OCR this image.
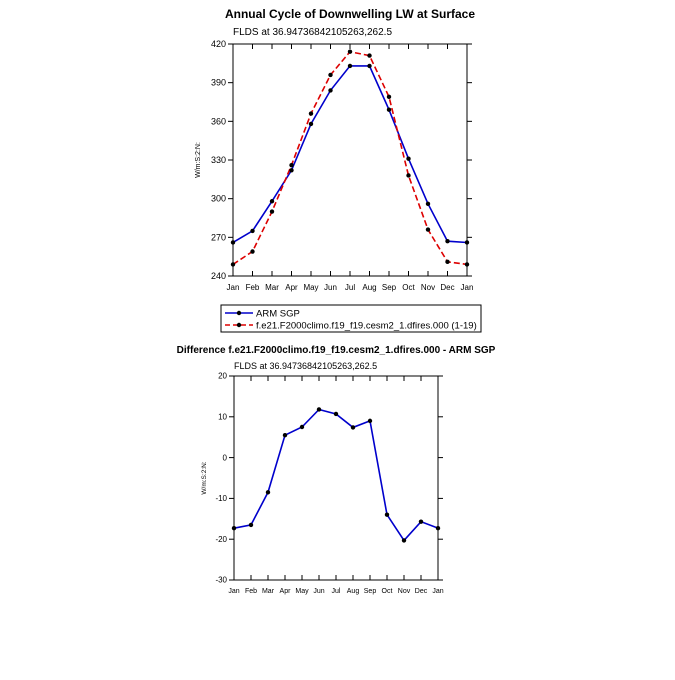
Annual Cycle of Downwelling LW at Surface
FLDS at 36.94736842105263,262.5
W/m:S:2:N:
240
270
300
330
360
390
420
Jan Feb Mar Apr May Jun Jul Aug Sep Oct Nov Dec Jan
ARM SGP
f.e21.F2000climo.f19_f19.cesm2_1.dfires.000 (1-19)
Difference f.e21.F2000climo.f19_f19.cesm2_1.dfires.000 - ARM SGP
FLDS at 36.94736842105263,262.5
W/m:S:2:N:
-30
-20
-10
0
10
20
Jan Feb Mar Apr May Jun Jul Aug Sep Oct Nov Dec Jan
